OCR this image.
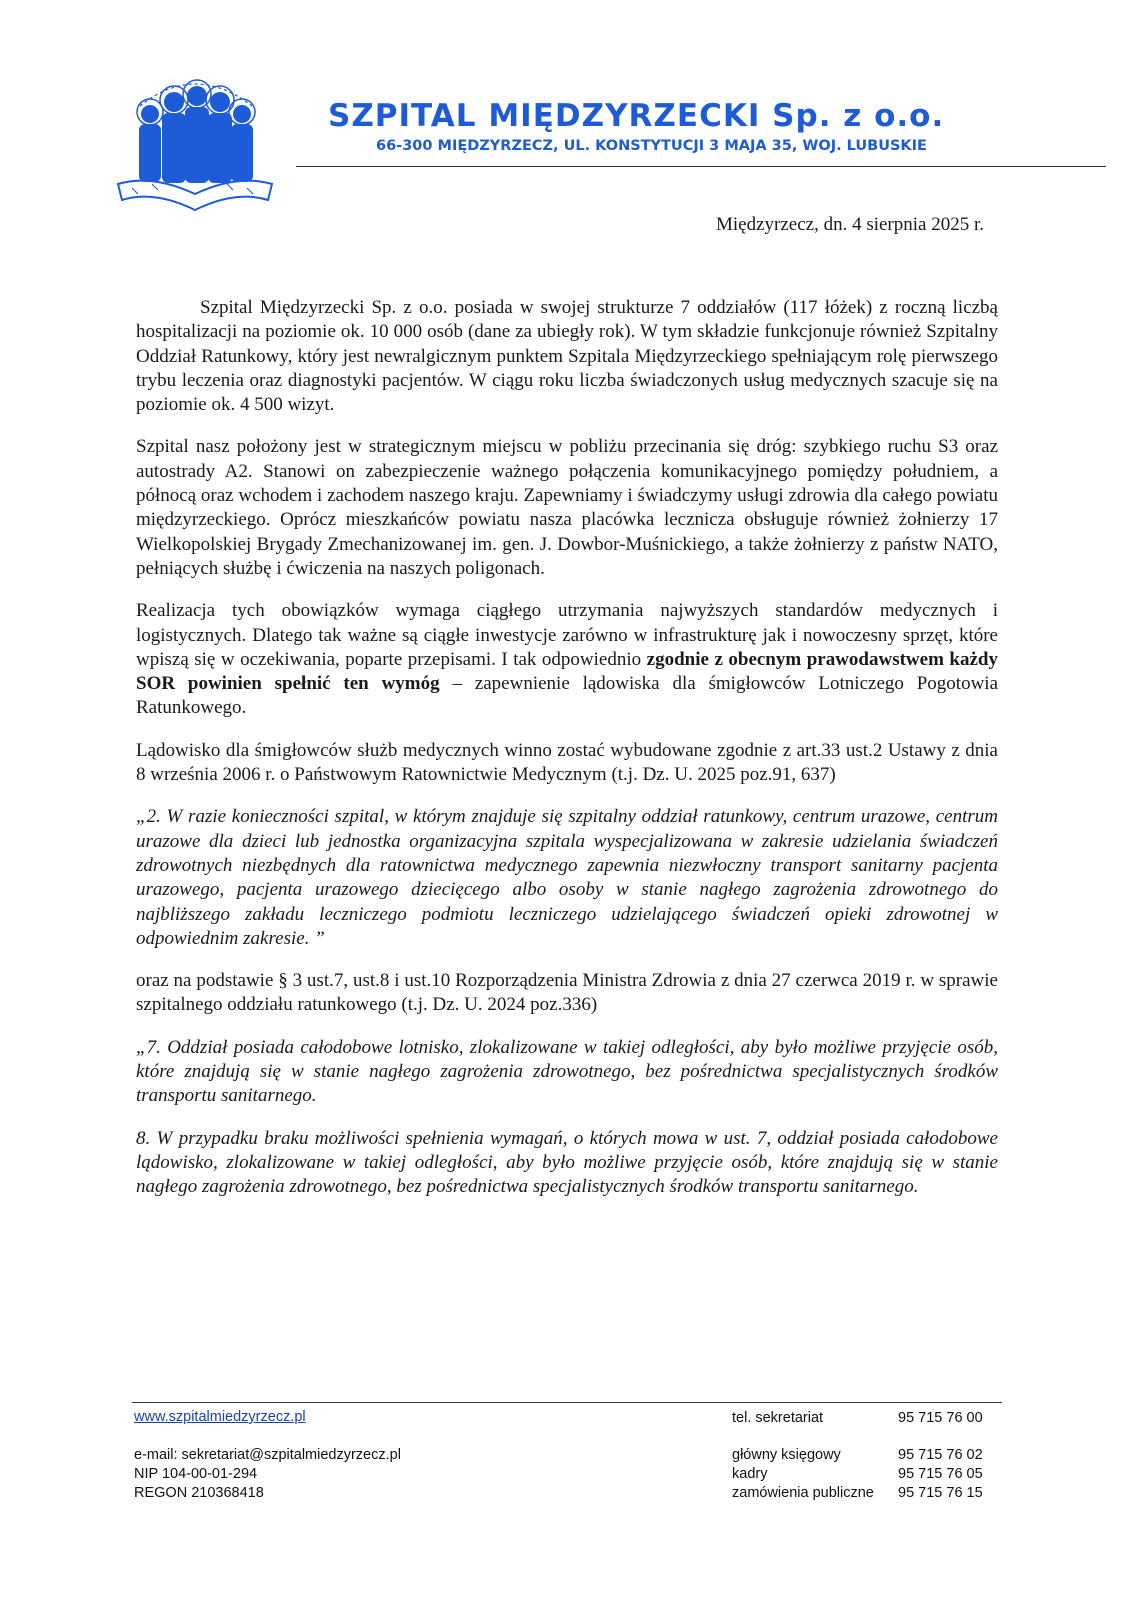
SZPITAL MIĘDZYRZECKI Sp. z o.o.
66-300 MIĘDZYRZECZ, UL. KONSTYTUCJI 3 MAJA 35, WOJ. LUBUSKIE
Międzyrzecz, dn. 4 sierpnia 2025 r.

Szpital Międzyrzecki Sp. z o.o. posiada w swojej strukturze 7 oddziałów (117 łóżek) z roczną liczbą hospitalizacji na poziomie ok. 10 000 osób (dane za ubiegły rok). W tym składzie funkcjonuje również Szpitalny Oddział Ratunkowy, który jest newralgicznym punktem Szpitala Międzyrzeckiego spełniającym rolę pierwszego trybu leczenia oraz diagnostyki pacjentów. W ciągu roku liczba świadczonych usług medycznych szacuje się na poziomie ok. 4 500 wizyt.

Szpital nasz położony jest w strategicznym miejscu w pobliżu przecinania się dróg: szybkiego ruchu S3 oraz autostrady A2. Stanowi on zabezpieczenie ważnego połączenia komunikacyjnego pomiędzy południem, a północą oraz wchodem i zachodem naszego kraju. Zapewniamy i świadczymy usługi zdrowia dla całego powiatu międzyrzeckiego. Oprócz mieszkańców powiatu nasza placówka lecznicza obsługuje również żołnierzy 17 Wielkopolskiej Brygady Zmechanizowanej im. gen. J. Dowbor-Muśnickiego, a także żołnierzy z państw NATO, pełniących służbę i ćwiczenia na naszych poligonach.

Realizacja tych obowiązków wymaga ciągłego utrzymania najwyższych standardów medycznych i logistycznych. Dlatego tak ważne są ciągłe inwestycje zarówno w infrastrukturę jak i nowoczesny sprzęt, które wpiszą się w oczekiwania, poparte przepisami. I tak odpowiednio zgodnie z obecnym prawodawstwem każdy SOR powinien spełnić ten wymóg – zapewnienie lądowiska dla śmigłowców Lotniczego Pogotowia Ratunkowego.

Lądowisko dla śmigłowców służb medycznych winno zostać wybudowane zgodnie z art.33 ust.2 Ustawy z dnia 8 września 2006 r. o Państwowym Ratownictwie Medycznym (t.j. Dz. U. 2025 poz.91, 637)

„2. W razie konieczności szpital, w którym znajduje się szpitalny oddział ratunkowy, centrum urazowe, centrum urazowe dla dzieci lub jednostka organizacyjna szpitala wyspecjalizowana w zakresie udzielania świadczeń zdrowotnych niezbędnych dla ratownictwa medycznego zapewnia niezwłoczny transport sanitarny pacjenta urazowego, pacjenta urazowego dziecięcego albo osoby w stanie nagłego zagrożenia zdrowotnego do najbliższego zakładu leczniczego podmiotu leczniczego udzielającego świadczeń opieki zdrowotnej w odpowiednim zakresie. ”

oraz na podstawie § 3 ust.7, ust.8 i ust.10 Rozporządzenia Ministra Zdrowia z dnia 27 czerwca 2019 r. w sprawie szpitalnego oddziału ratunkowego (t.j. Dz. U. 2024 poz.336)

„7. Oddział posiada całodobowe lotnisko, zlokalizowane w takiej odległości, aby było możliwe przyjęcie osób, które znajdują się w stanie nagłego zagrożenia zdrowotnego, bez pośrednictwa specjalistycznych środków transportu sanitarnego.

8. W przypadku braku możliwości spełnienia wymagań, o których mowa w ust. 7, oddział posiada całodobowe lądowisko, zlokalizowane w takiej odległości, aby było możliwe przyjęcie osób, które znajdują się w stanie nagłego zagrożenia zdrowotnego, bez pośrednictwa specjalistycznych środków transportu sanitarnego.

www.szpitalmiedzyrzecz.pl
e-mail: sekretariat@szpitalmiedzyrzecz.pl
NIP 104-00-01-294
REGON 210368418
tel. sekretariat	95 715 76 00
główny księgowy	95 715 76 02
kadry	95 715 76 05
zamówienia publiczne	95 715 76 15
